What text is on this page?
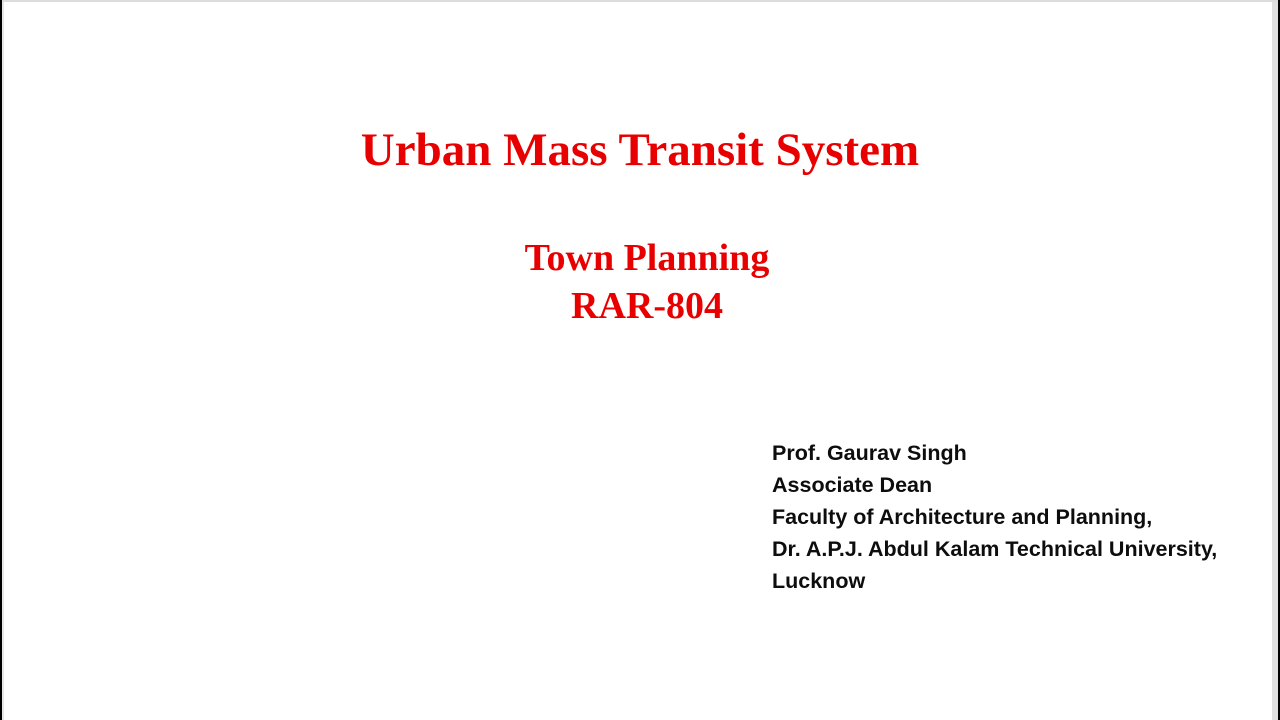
Urban Mass Transit System
Town Planning
RAR-804
Prof. Gaurav Singh
Associate Dean
Faculty of Architecture and Planning,
Dr. A.P.J. Abdul Kalam Technical University,
Lucknow
